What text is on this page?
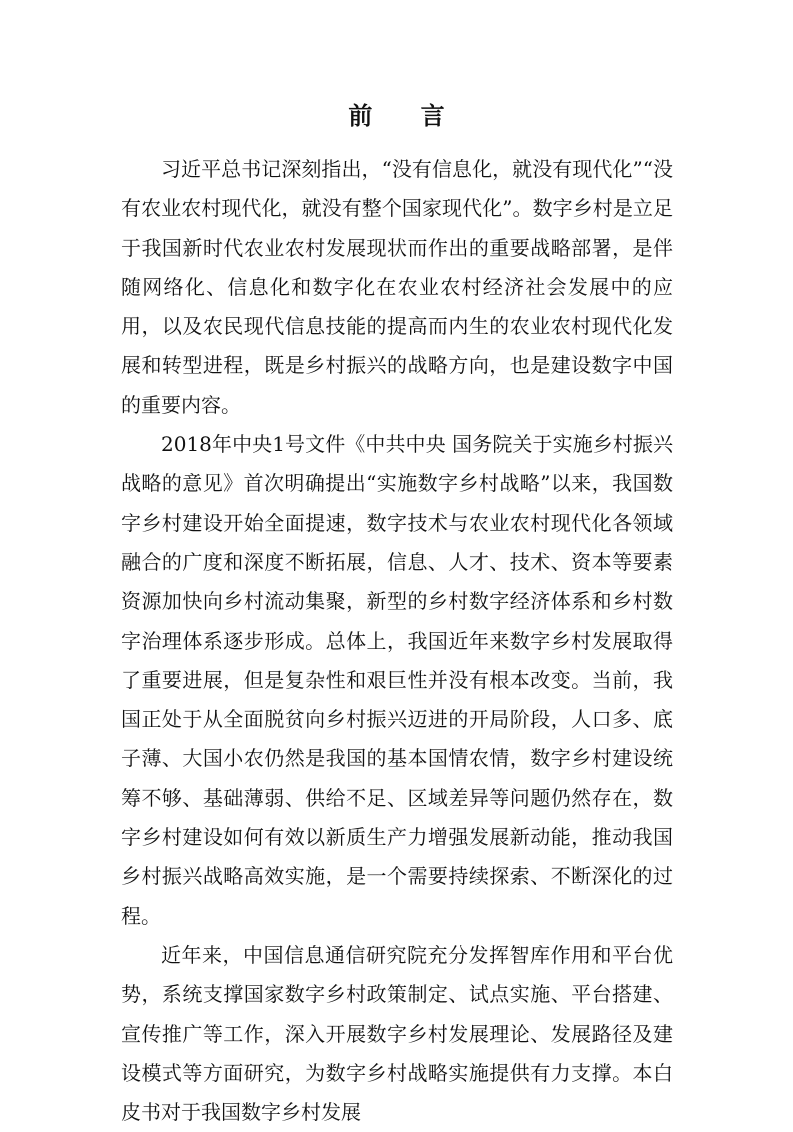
前 言

习近平总书记深刻指出，“没有信息化，就没有现代化”“没有农业农村现代化，就没有整个国家现代化”。数字乡村是立足于我国新时代农业农村发展现状而作出的重要战略部署，是伴随网络化、信息化和数字化在农业农村经济社会发展中的应用，以及农民现代信息技能的提高而内生的农业农村现代化发展和转型进程，既是乡村振兴的战略方向，也是建设数字中国的重要内容。

2018年中央1号文件《中共中央 国务院关于实施乡村振兴战略的意见》首次明确提出“实施数字乡村战略”以来，我国数字乡村建设开始全面提速，数字技术与农业农村现代化各领域融合的广度和深度不断拓展，信息、人才、技术、资本等要素资源加快向乡村流动集聚，新型的乡村数字经济体系和乡村数字治理体系逐步形成。总体上，我国近年来数字乡村发展取得了重要进展，但是复杂性和艰巨性并没有根本改变。当前，我国正处于从全面脱贫向乡村振兴迈进的开局阶段，人口多、底子薄、大国小农仍然是我国的基本国情农情，数字乡村建设统筹不够、基础薄弱、供给不足、区域差异等问题仍然存在，数字乡村建设如何有效以新质生产力增强发展新动能，推动我国乡村振兴战略高效实施，是一个需要持续探索、不断深化的过程。

近年来，中国信息通信研究院充分发挥智库作用和平台优势，系统支撑国家数字乡村政策制定、试点实施、平台搭建、宣传推广等工作，深入开展数字乡村发展理论、发展路径及建设模式等方面研究，为数字乡村战略实施提供有力支撑。本白皮书对于我国数字乡村发展
